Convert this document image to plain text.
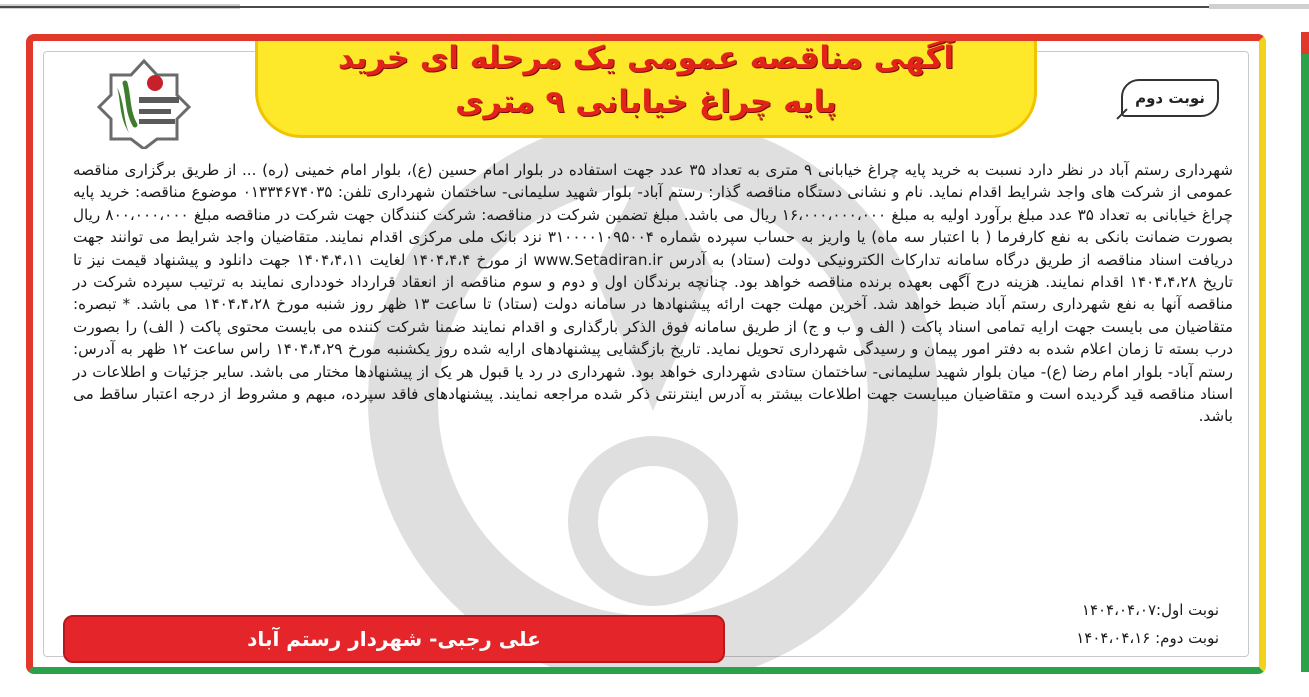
آگهی مناقصه عمومی یک مرحله ای خرید
پایه چراغ خیابانی ۹ متری	نوبت دوم

شهرداری رستم آباد در نظر دارد نسبت به خرید پایه چراغ خیابانی ۹ متری به تعداد ۳۵ عدد جهت استفاده در بلوار امام حسین (ع)، بلوار امام خمینی (ره) ... از طریق برگزاری مناقصه عمومی از شرکت های واجد شرایط اقدام نماید. نام و نشانی دستگاه مناقصه گذار: رستم آباد- بلوار شهید سلیمانی- ساختمان شهرداری تلفن: ۰۱۳۳۴۶۷۴۰۳۵ موضوع مناقصه: خرید پایه چراغ خیابانی به تعداد ۳۵ عدد مبلغ برآورد اولیه به مبلغ ۱۶،۰۰۰،۰۰۰،۰۰۰ ریال می باشد. مبلغ تضمین شرکت در مناقصه: شرکت کنندگان جهت شرکت در مناقصه مبلغ ۸۰۰،۰۰۰،۰۰۰ ریال بصورت ضمانت بانکی به نفع کارفرما ( با اعتبار سه ماه) یا واریز به حساب سپرده شماره ۳۱۰۰۰۰۱۰۹۵۰۰۴ نزد بانک ملی مرکزی اقدام نمایند. متقاضیان واجد شرایط می توانند جهت دریافت اسناد مناقصه از طریق درگاه سامانه تدارکات الکترونیکی دولت (ستاد) به آدرس www.Setadiran.ir از مورخ ۱۴۰۴،۴،۴ لغایت ۱۴۰۴،۴،۱۱ جهت دانلود و پیشنهاد قیمت نیز تا تاریخ ۱۴۰۴،۴،۲۸ اقدام نمایند. هزینه درج آگهی بعهده برنده مناقصه خواهد بود. چنانچه برندگان اول و دوم و سوم مناقصه از انعقاد قرارداد خودداری نمایند به ترتیب سپرده شرکت در مناقصه آنها به نفع شهرداری رستم آباد ضبط خواهد شد. آخرین مهلت جهت ارائه پیشنهادها در سامانه دولت (ستاد) تا ساعت ۱۳ ظهر روز شنبه مورخ ۱۴۰۴،۴،۲۸ می باشد. * تبصره: متقاضیان می بایست جهت ارایه تمامی اسناد پاکت ( الف و ب و ج) از طریق سامانه فوق الذکر بارگذاری و اقدام نمایند ضمنا شرکت کننده می بایست محتوی پاکت ( الف) را بصورت درب بسته تا زمان اعلام شده به دفتر امور پیمان و رسیدگی شهرداری تحویل نماید. تاریخ بازگشایی پیشنهادهای ارایه شده روز یکشنبه مورخ ۱۴۰۴،۴،۲۹ راس ساعت ۱۲ ظهر به آدرس: رستم آباد- بلوار امام رضا (ع)- میان بلوار شهید سلیمانی- ساختمان ستادی شهرداری خواهد بود. شهرداری در رد یا قبول هر یک از پیشنهادها مختار می باشد. سایر جزئیات و اطلاعات در اسناد مناقصه قید گردیده است و متقاضیان میبایست جهت اطلاعات بیشتر به آدرس اینترنتی ذکر شده مراجعه نمایند. پیشنهادهای فاقد سپرده، مبهم و مشروط از درجه اعتبار ساقط می باشد.

نوبت اول:۱۴۰۴،۰۴،۰۷
نوبت دوم: ۱۴۰۴،۰۴،۱۶
علی رجبی- شهردار رستم آباد
